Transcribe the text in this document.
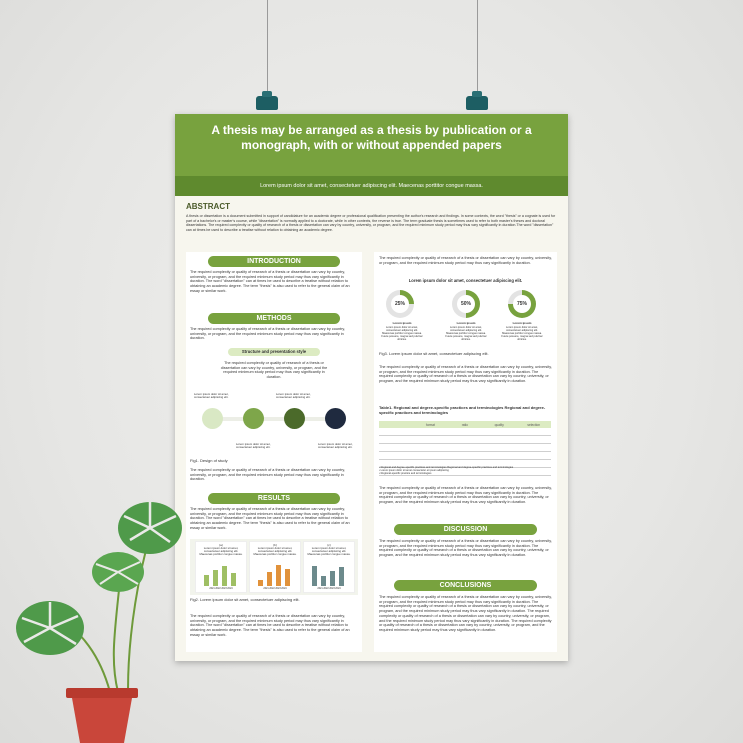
A thesis may be arranged as a thesis by publication or a monograph, with or without appended papers
Lorem ipsum dolor sit amet, consectetuer adipiscing elit. Maecenas porttitor congue massa.
ABSTRACT
A thesis or dissertation is a document submitted in support of candidature for an academic degree or professional qualification presenting the author's research and findings. In some contexts, the word "thesis" or a cognate is used for part of a bachelor's or master's course, while "dissertation" is normally applied to a doctorate, while in other contexts, the reverse is true. The term graduate thesis is sometimes used to refer to both master's theses and doctoral dissertations. The required complexity or quality of research of a thesis or dissertation can vary by country, university, or program, and the required minimum study period may thus vary significantly in duration.The word "dissertation" can at times be used to describe a treatise without relation to obtaining an academic degree.
INTRODUCTION
The required complexity or quality of research of a thesis or dissertation can vary by country, university, or program, and the required minimum study period may thus vary significantly in duration. The word "dissertation" can at times be used to describe a treatise without relation to obtaining an academic degree. The term "thesis" is also used to refer to the general claim of an essay or similar work.
METHODS
The required complexity or quality of research of a thesis or dissertation can vary by country, university, or program, and the required minimum study period may thus vary significantly in duration.
Structure and presentation style
The required complexity or quality of research of a thesis or dissertation can vary by country, university, or program, and the required minimum study period may thus vary significantly in duration.
Lorem ipsum dolor sit amet, consectetuer adipiscing elit.
Lorem ipsum dolor sit amet, consectetuer adipiscing elit.
Lorem ipsum dolor sit amet, consectetuer adipiscing elit.
Lorem ipsum dolor sit amet, consectetuer adipiscing elit.
Fig1. Design of study
The required complexity or quality of research of a thesis or dissertation can vary by country, university, or program, and the required minimum study period may thus vary significantly in duration.
RESULTS
The required complexity or quality of research of a thesis or dissertation can vary by country, university, or program, and the required minimum study period may thus vary significantly in duration. The word "dissertation" can at times be used to describe a treatise without relation to obtaining an academic degree. The term "thesis" is also used to refer to the general claim of an essay or similar work.
(a)
Lorem ipsum dolor sit amet, consectetuer adipiscing elit. Maecenas porttitor congue massa.
2021 2022 2023 2024
(b)
Lorem ipsum dolor sit amet, consectetuer adipiscing elit. Maecenas porttitor congue massa.
2021 2022 2023 2024
(c)
Lorem ipsum dolor sit amet, consectetuer adipiscing elit. Maecenas porttitor congue massa.
2021 2022 2023 2024
Fig2. Lorem ipsum dolor sit amet, consectetuer adipiscing elit.
The required complexity or quality of research of a thesis or dissertation can vary by country, university, or program, and the required minimum study period may thus vary significantly in duration. The word "dissertation" can at times be used to describe a treatise without relation to obtaining an academic degree. The term "thesis" is also used to refer to the general claim of an essay or similar work.
The required complexity or quality of research of a thesis or dissertation can vary by country, university, or program, and the required minimum study period may thus vary significantly in duration.
Lorem ipsum dolor sit amet, consectetuer adipiscing elit.
25%	50%	75%
Lorem ipsum
Lorem ipsum dolor sit amet, consectetuer adipiscing elit. Maecenas porttitor congue massa. Fusce posuere, magna sed pulvinar ultricies.
Lorem ipsum
Lorem ipsum dolor sit amet, consectetuer adipiscing elit. Maecenas porttitor congue massa. Fusce posuere, magna sed pulvinar ultricies.
Lorem ipsum
Lorem ipsum dolor sit amet, consectetuer adipiscing elit. Maecenas porttitor congue massa. Fusce posuere, magna sed pulvinar ultricies.
Fig3. Lorem ipsum dolor sit amet, consectetuer adipiscing elit.
The required complexity or quality of research of a thesis or dissertation can vary by country, university, or program, and the required minimum study period may thus vary significantly in duration. The required complexity or quality of research of a thesis or dissertation can vary by country, university, or program, and the required minimum study period may thus vary significantly in duration.
Table1. Regional and degree-specific practices and terminologies Regional and degree-specific practices and terminologies
	format	ratio	quality	selection

• Regional and degree-specific practices and terminologies Regional and degree-specific practices and terminologies
• Lorem ipsum dolor sit amet consectetur et ipsum adipiscing
• Regional-specific practice and terminologies
The required complexity or quality of research of a thesis or dissertation can vary by country, university, or program, and the required minimum study period may thus vary significantly in duration. The required complexity or quality of research of a thesis or dissertation can vary by country, university, or program, and the required minimum study period may thus vary significantly in duration.
DISCUSSION
The required complexity or quality of research of a thesis or dissertation can vary by country, university, or program, and the required minimum study period may thus vary significantly in duration. The required complexity or quality of research of a thesis or dissertation can vary by country, university, or program, and the required minimum study period may thus vary significantly in duration.
CONCLUSIONS
The required complexity or quality of research of a thesis or dissertation can vary by country, university, or program, and the required minimum study period may thus vary significantly in duration. The required complexity or quality of research of a thesis or dissertation can vary by country, university, or program, and the required minimum study period may thus vary significantly in duration. The required complexity or quality of research of a thesis or dissertation can vary by country, university, or program, and the required minimum study period may thus vary significantly in duration. The required complexity or quality of research of a thesis or dissertation can vary by country, university, or program, and the required minimum study period may thus vary significantly in duration.
